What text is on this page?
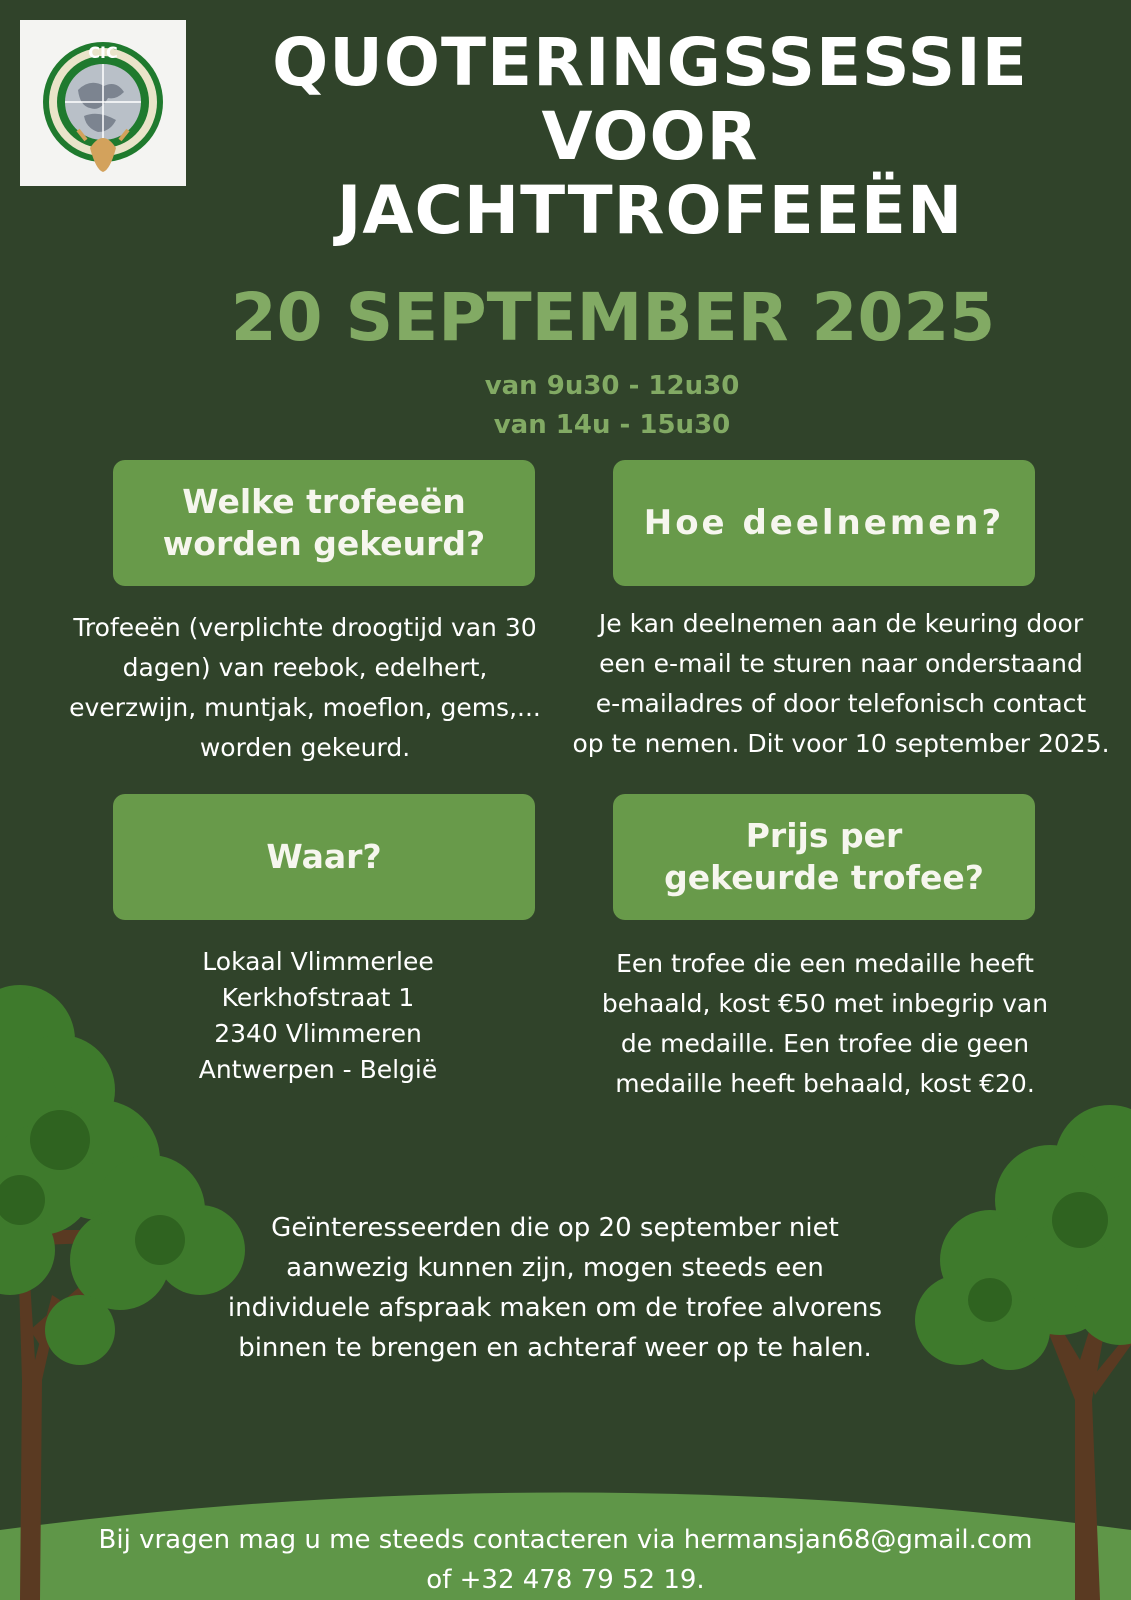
CIC	QUOTERINGSSESSIE
VOOR
JACHTTROFEEËN
20 SEPTEMBER 2025
van 9u30 - 12u30
van 14u - 15u30
Welke trofeeën
worden gekeurd?
Trofeeën (verplichte droogtijd van 30
dagen) van reebok, edelhert,
everzwijn, muntjak, moeflon, gems,...
worden gekeurd.
Hoe deelnemen?
Je kan deelnemen aan de keuring door
een e-mail te sturen naar onderstaand
e-mailadres of door telefonisch contact
op te nemen. Dit voor 10 september 2025.
Waar?
Lokaal Vlimmerlee
Kerkhofstraat 1
2340 Vlimmeren
Antwerpen - België
Prijs per
gekeurde trofee?
Een trofee die een medaille heeft
behaald, kost €50 met inbegrip van
de medaille. Een trofee die geen
medaille heeft behaald, kost €20.
Geïnteresseerden die op 20 september niet
aanwezig kunnen zijn, mogen steeds een
individuele afspraak maken om de trofee alvorens
binnen te brengen en achteraf weer op te halen.
Bij vragen mag u me steeds contacteren via hermansjan68@gmail.com
of +32 478 79 52 19.
